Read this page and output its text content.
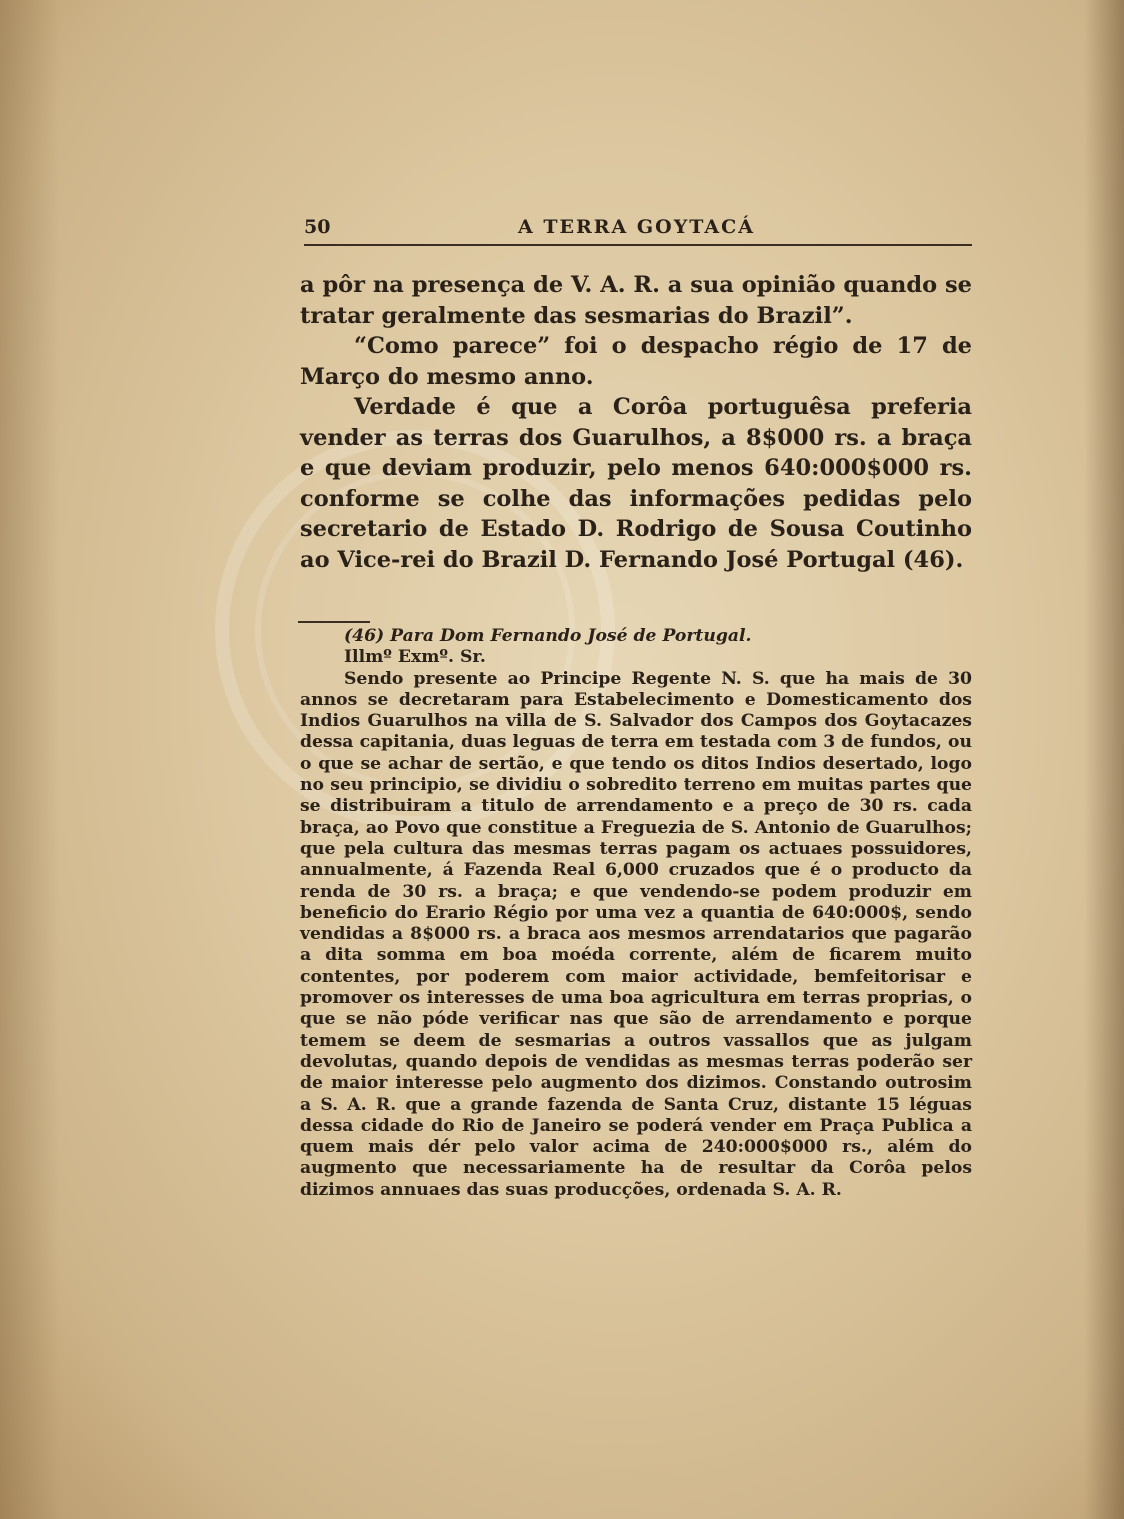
50	A TERRA GOYTACÁ

a pôr na presença de V. A. R. a sua opinião quando se tratar geralmente das sesmarias do Brazil”.

“Como parece” foi o despacho régio de 17 de Março do mesmo anno.

Verdade é que a Corôa portuguêsa preferia vender as terras dos Guarulhos, a 8$000 rs. a braça e que deviam produzir, pelo menos 640:000$000 rs. conforme se colhe das informações pedidas pelo secretario de Estado D. Rodrigo de Sousa Coutinho ao Vice-rei do Brazil D. Fernando José Portugal (46).

(46) Para Dom Fernando José de Portugal.

Illmº Exmº. Sr.

Sendo presente ao Principe Regente N. S. que ha mais de 30 annos se decretaram para Estabelecimento e Domesticamento dos Indios Guarulhos na villa de S. Salvador dos Campos dos Goytacazes dessa capitania, duas leguas de terra em testada com 3 de fundos, ou o que se achar de sertão, e que tendo os ditos Indios desertado, logo no seu principio, se dividiu o sobredito terreno em muitas partes que se distribuiram a titulo de arrendamento e a preço de 30 rs. cada braça, ao Povo que constitue a Freguezia de S. Antonio de Guarulhos; que pela cultura das mesmas terras pagam os actuaes possuidores, annualmente, á Fazenda Real 6,000 cruzados que é o producto da renda de 30 rs. a braça; e que vendendo-se podem produzir em beneficio do Erario Régio por uma vez a quantia de 640:000$, sendo vendidas a 8$000 rs. a braca aos mesmos arrendatarios que pagarão a dita somma em boa moéda corrente, além de ficarem muito contentes, por poderem com maior actividade, bemfeitorisar e promover os interesses de uma boa agricultura em terras proprias, o que se não póde verificar nas que são de arrendamento e porque temem se deem de sesmarias a outros vassallos que as julgam devolutas, quando depois de vendidas as mesmas terras poderão ser de maior interesse pelo augmento dos dizimos. Constando outrosim a S. A. R. que a grande fazenda de Santa Cruz, distante 15 léguas dessa cidade do Rio de Janeiro se poderá vender em Praça Publica a quem mais dér pelo valor acima de 240:000$000 rs., além do augmento que necessariamente ha de resultar da Corôa pelos dizimos annuaes das suas producções, ordenada S. A. R.
